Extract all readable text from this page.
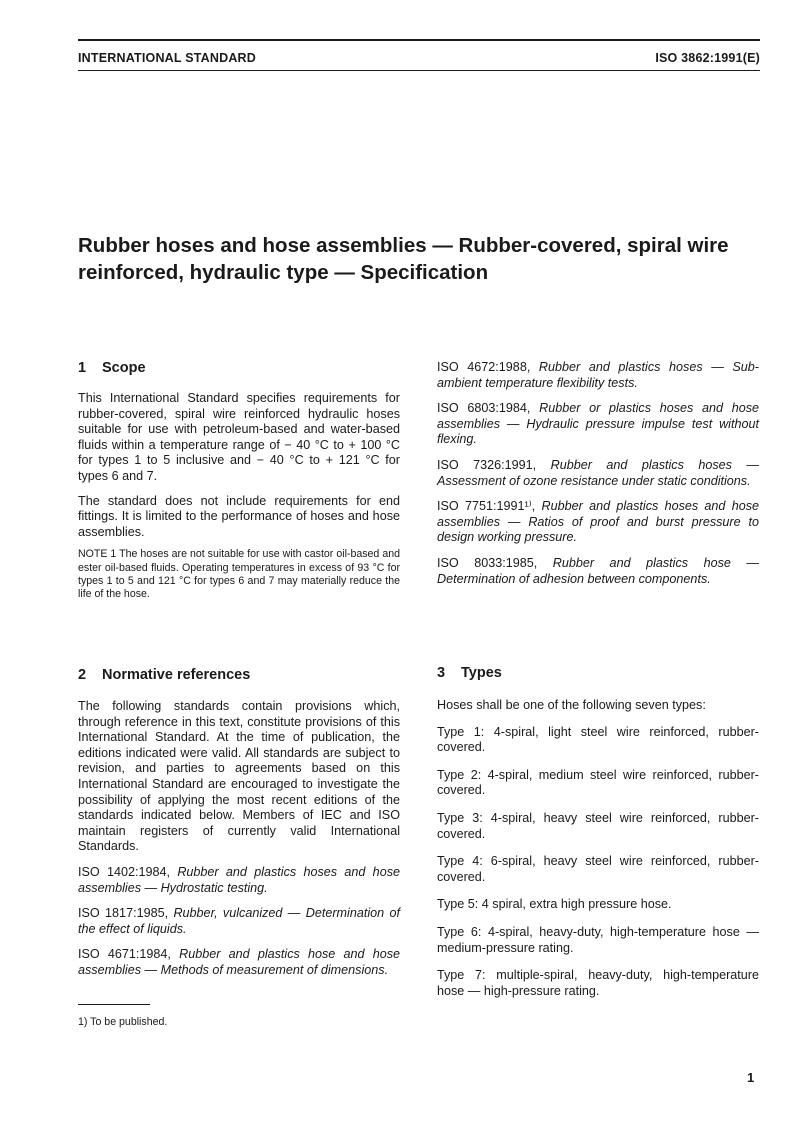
INTERNATIONAL STANDARD	ISO 3862:1991(E)
Rubber hoses and hose assemblies — Rubber-covered, spiral wire reinforced, hydraulic type — Specification
1 Scope

This International Standard specifies requirements for rubber-covered, spiral wire reinforced hydraulic hoses suitable for use with petroleum-based and water-based fluids within a temperature range of − 40 °C to + 100 °C for types 1 to 5 inclusive and − 40 °C to + 121 °C for types 6 and 7.

The standard does not include requirements for end fittings. It is limited to the performance of hoses and hose assemblies.

NOTE 1 The hoses are not suitable for use with castor oil-based and ester oil-based fluids. Operating temperatures in excess of 93 °C for types 1 to 5 and 121 °C for types 6 and 7 may materially reduce the life of the hose.

ISO 4672:1988, Rubber and plastics hoses — Sub-ambient temperature flexibility tests.

ISO 6803:1984, Rubber or plastics hoses and hose assemblies — Hydraulic pressure impulse test without flexing.

ISO 7326:1991, Rubber and plastics hoses — Assessment of ozone resistance under static conditions.

ISO 7751:1991¹⁾, Rubber and plastics hoses and hose assemblies — Ratios of proof and burst pressure to design working pressure.

ISO 8033:1985, Rubber and plastics hose — Determination of adhesion between components.

2 Normative references

The following standards contain provisions which, through reference in this text, constitute provisions of this International Standard. At the time of publication, the editions indicated were valid. All standards are subject to revision, and parties to agreements based on this International Standard are encouraged to investigate the possibility of applying the most recent editions of the standards indicated below. Members of IEC and ISO maintain registers of currently valid International Standards.

ISO 1402:1984, Rubber and plastics hoses and hose assemblies — Hydrostatic testing.

ISO 1817:1985, Rubber, vulcanized — Determination of the effect of liquids.

ISO 4671:1984, Rubber and plastics hose and hose assemblies — Methods of measurement of dimensions.

3 Types

Hoses shall be one of the following seven types:

Type 1: 4-spiral, light steel wire reinforced, rubber-covered.

Type 2: 4-spiral, medium steel wire reinforced, rubber-covered.

Type 3: 4-spiral, heavy steel wire reinforced, rubber-covered.

Type 4: 6-spiral, heavy steel wire reinforced, rubber-covered.

Type 5: 4 spiral, extra high pressure hose.

Type 6: 4-spiral, heavy-duty, high-temperature hose — medium-pressure rating.

Type 7: multiple-spiral, heavy-duty, high-temperature hose — high-pressure rating.

1) To be published.
1
